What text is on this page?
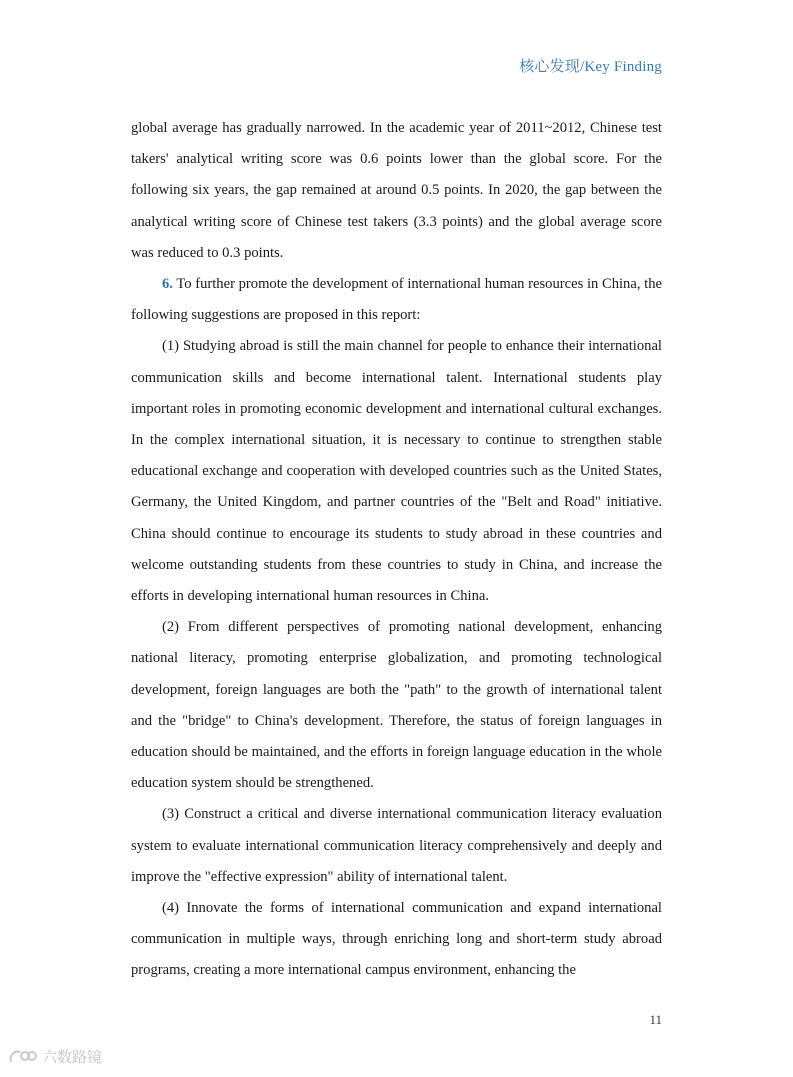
核心发现/Key Finding

global average has gradually narrowed. In the academic year of 2011~2012, Chinese test takers' analytical writing score was 0.6 points lower than the global score. For the following six years, the gap remained at around 0.5 points. In 2020, the gap between the analytical writing score of Chinese test takers (3.3 points) and the global average score was reduced to 0.3 points.

6. To further promote the development of international human resources in China, the following suggestions are proposed in this report:

(1) Studying abroad is still the main channel for people to enhance their international communication skills and become international talent. International students play important roles in promoting economic development and international cultural exchanges. In the complex international situation, it is necessary to continue to strengthen stable educational exchange and cooperation with developed countries such as the United States, Germany, the United Kingdom, and partner countries of the "Belt and Road" initiative. China should continue to encourage its students to study abroad in these countries and welcome outstanding students from these countries to study in China, and increase the efforts in developing international human resources in China.

(2) From different perspectives of promoting national development, enhancing national literacy, promoting enterprise globalization, and promoting technological development, foreign languages are both the "path" to the growth of international talent and the "bridge" to China's development. Therefore, the status of foreign languages in education should be maintained, and the efforts in foreign language education in the whole education system should be strengthened.

(3) Construct a critical and diverse international communication literacy evaluation system to evaluate international communication literacy comprehensively and deeply and improve the "effective expression" ability of international talent.

(4) Innovate the forms of international communication and expand international communication in multiple ways, through enriching long and short-term study abroad programs, creating a more international campus environment, enhancing the

11
六数路镜
